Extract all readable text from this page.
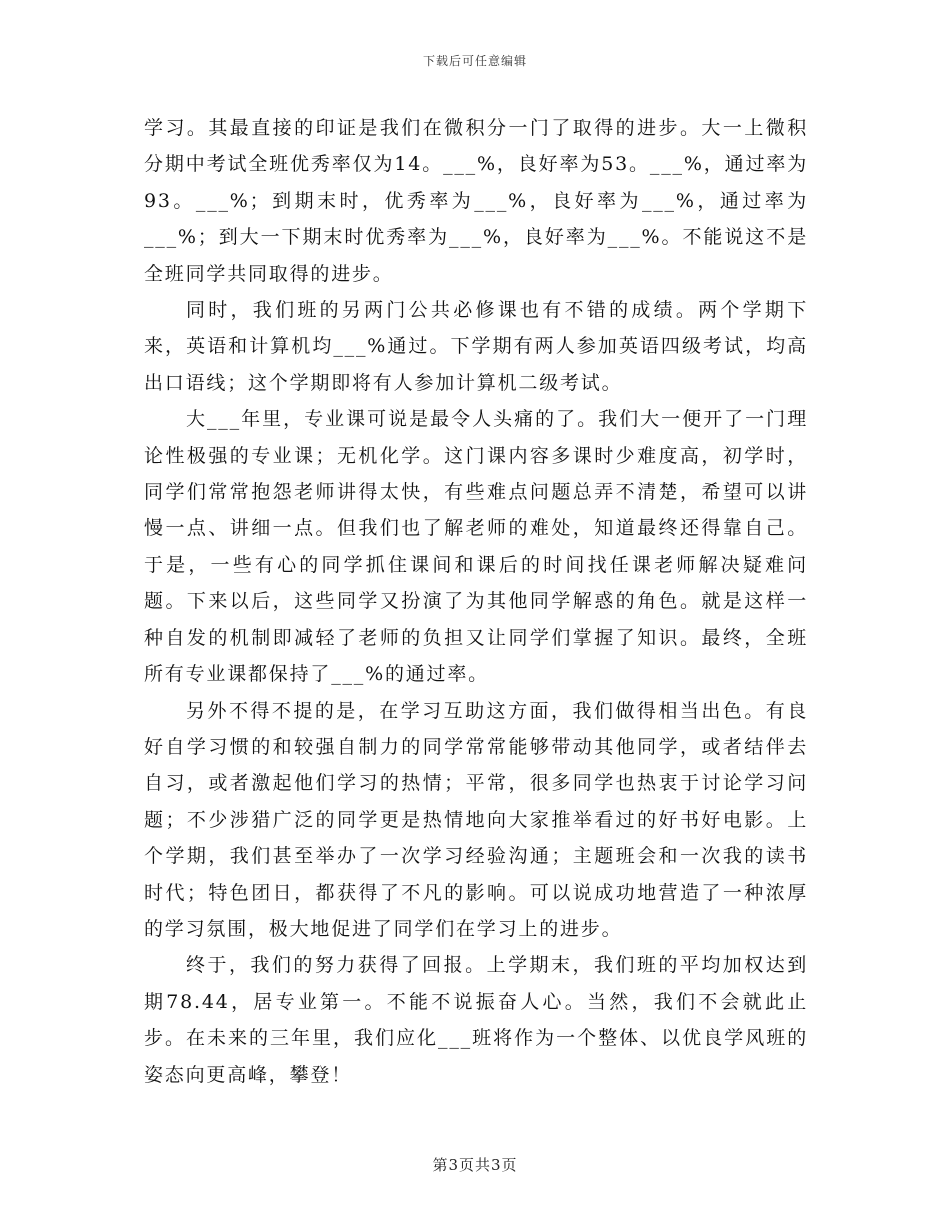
下载后可任意编辑

学习。其最直接的印证是我们在微积分一门了取得的进步。大一上微积分期中考试全班优秀率仅为14。___%，良好率为53。___%，通过率为93。___%；到期末时，优秀率为___%，良好率为___%，通过率为___%；到大一下期末时优秀率为___%，良好率为___%。不能说这不是全班同学共同取得的进步。

同时，我们班的另两门公共必修课也有不错的成绩。两个学期下来，英语和计算机均___%通过。下学期有两人参加英语四级考试，均高出口语线；这个学期即将有人参加计算机二级考试。

大___年里，专业课可说是最令人头痛的了。我们大一便开了一门理论性极强的专业课；无机化学。这门课内容多课时少难度高，初学时，同学们常常抱怨老师讲得太快，有些难点问题总弄不清楚，希望可以讲慢一点、讲细一点。但我们也了解老师的难处，知道最终还得靠自己。于是，一些有心的同学抓住课间和课后的时间找任课老师解决疑难问题。下来以后，这些同学又扮演了为其他同学解惑的角色。就是这样一种自发的机制即减轻了老师的负担又让同学们掌握了知识。最终，全班所有专业课都保持了___%的通过率。

另外不得不提的是，在学习互助这方面，我们做得相当出色。有良好自学习惯的和较强自制力的同学常常能够带动其他同学，或者结伴去自习，或者激起他们学习的热情；平常，很多同学也热衷于讨论学习问题；不少涉猎广泛的同学更是热情地向大家推举看过的好书好电影。上个学期，我们甚至举办了一次学习经验沟通；主题班会和一次我的读书时代；特色团日，都获得了不凡的影响。可以说成功地营造了一种浓厚的学习氛围，极大地促进了同学们在学习上的进步。

终于，我们的努力获得了回报。上学期末，我们班的平均加权达到期78.44，居专业第一。不能不说振奋人心。当然，我们不会就此止步。在未来的三年里，我们应化___班将作为一个整体、以优良学风班的姿态向更高峰，攀登！

第3页共3页
